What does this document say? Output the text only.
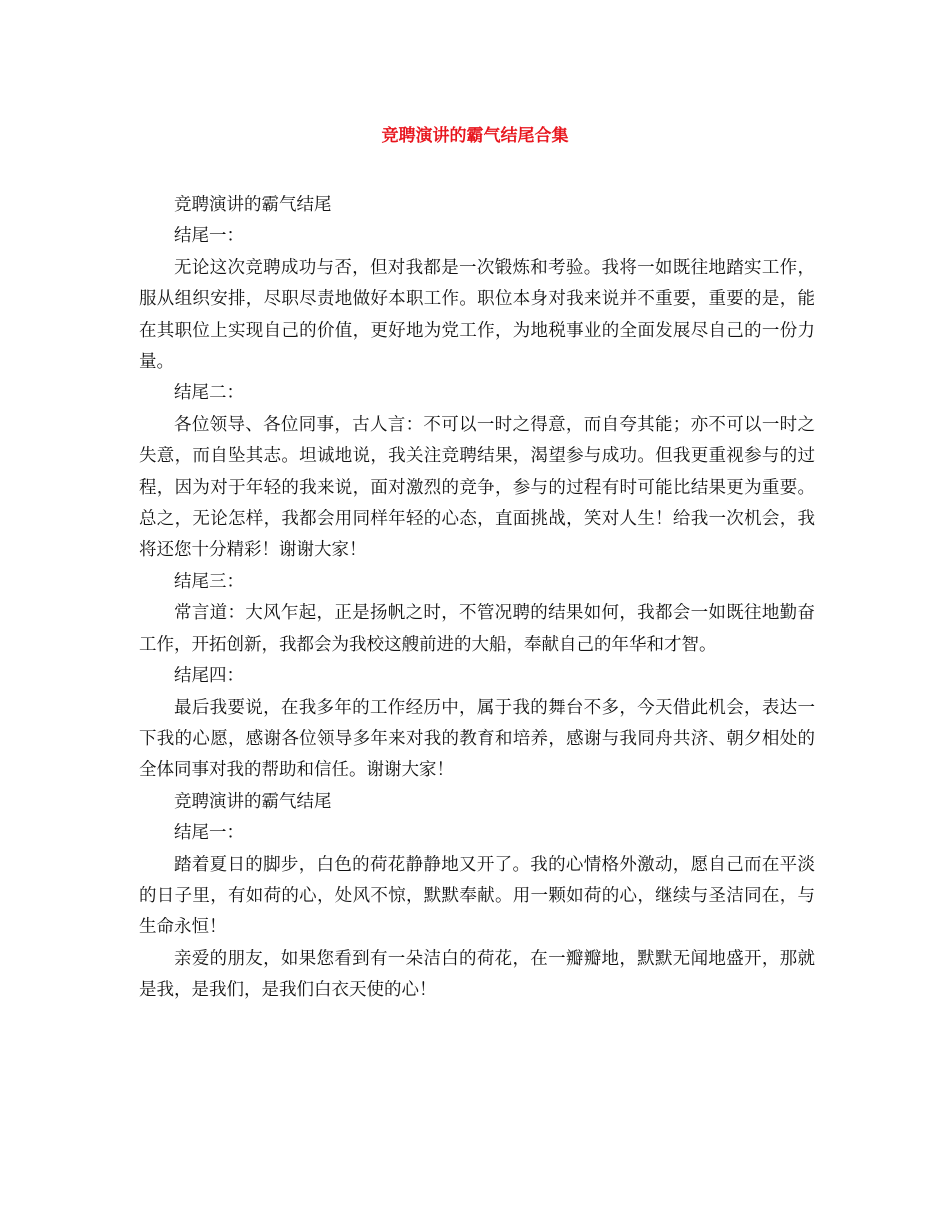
竞聘演讲的霸气结尾合集

竞聘演讲的霸气结尾

结尾一：

无论这次竞聘成功与否，但对我都是一次锻炼和考验。我将一如既往地踏实工作，服从组织安排，尽职尽责地做好本职工作。职位本身对我来说并不重要，重要的是，能在其职位上实现自己的价值，更好地为党工作，为地税事业的全面发展尽自己的一份力量。

结尾二：

各位领导、各位同事，古人言：不可以一时之得意，而自夸其能；亦不可以一时之失意，而自坠其志。坦诚地说，我关注竞聘结果，渴望参与成功。但我更重视参与的过程，因为对于年轻的我来说，面对激烈的竞争，参与的过程有时可能比结果更为重要。总之，无论怎样，我都会用同样年轻的心态，直面挑战，笑对人生！给我一次机会，我将还您十分精彩！谢谢大家！

结尾三：

常言道：大风乍起，正是扬帆之时，不管况聘的结果如何，我都会一如既往地勤奋工作，开拓创新，我都会为我校这艘前进的大船，奉献自己的年华和才智。

结尾四：

最后我要说，在我多年的工作经历中，属于我的舞台不多，今天借此机会，表达一下我的心愿，感谢各位领导多年来对我的教育和培养，感谢与我同舟共济、朝夕相处的全体同事对我的帮助和信任。谢谢大家！

竞聘演讲的霸气结尾

结尾一：

踏着夏日的脚步，白色的荷花静静地又开了。我的心情格外激动，愿自己而在平淡的日子里，有如荷的心，处风不惊，默默奉献。用一颗如荷的心，继续与圣洁同在，与生命永恒！

亲爱的朋友，如果您看到有一朵洁白的荷花，在一瓣瓣地，默默无闻地盛开，那就是我，是我们，是我们白衣天使的心！
